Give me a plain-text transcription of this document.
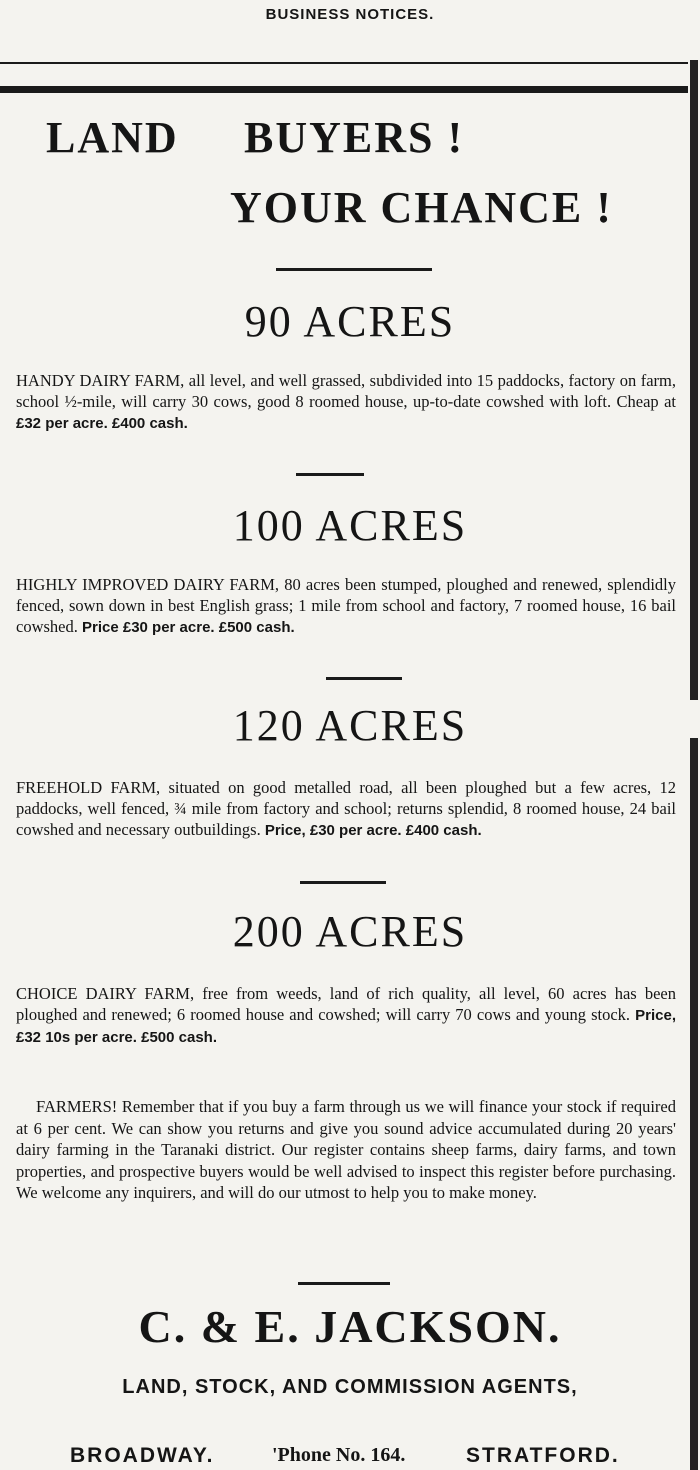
BUSINESS NOTICES.
LAND BUYERS !
YOUR CHANCE !
90 ACRES
HANDY DAIRY FARM, all level, and well grassed, subdivided into 15 paddocks, factory on farm, school ½-mile, will carry 30 cows, good 8 roomed house, up-to-date cowshed with loft. Cheap at £32 per acre. £400 cash.
100 ACRES
HIGHLY IMPROVED DAIRY FARM, 80 acres been stumped, ploughed and renewed, splendidly fenced, sown down in best English grass; 1 mile from school and factory, 7 roomed house, 16 bail cowshed. Price £30 per acre. £500 cash.
120 ACRES
FREEHOLD FARM, situated on good metalled road, all been ploughed but a few acres, 12 paddocks, well fenced, ¾ mile from factory and school; returns splendid, 8 roomed house, 24 bail cowshed and necessary outbuildings. Price, £30 per acre. £400 cash.
200 ACRES
CHOICE DAIRY FARM, free from weeds, land of rich quality, all level, 60 acres has been ploughed and renewed; 6 roomed house and cowshed; will carry 70 cows and young stock. Price, £32 10s per acre. £500 cash.
FARMERS! Remember that if you buy a farm through us we will finance your stock if required at 6 per cent. We can show you returns and give you sound advice accumulated during 20 years' dairy farming in the Taranaki district. Our register contains sheep farms, dairy farms, and town properties, and prospective buyers would be well advised to inspect this register before purchasing. We welcome any inquirers, and will do our utmost to help you to make money.
C. & E. JACKSON.
LAND, STOCK, AND COMMISSION AGENTS,
BROADWAY.	'Phone No. 164.	STRATFORD.
